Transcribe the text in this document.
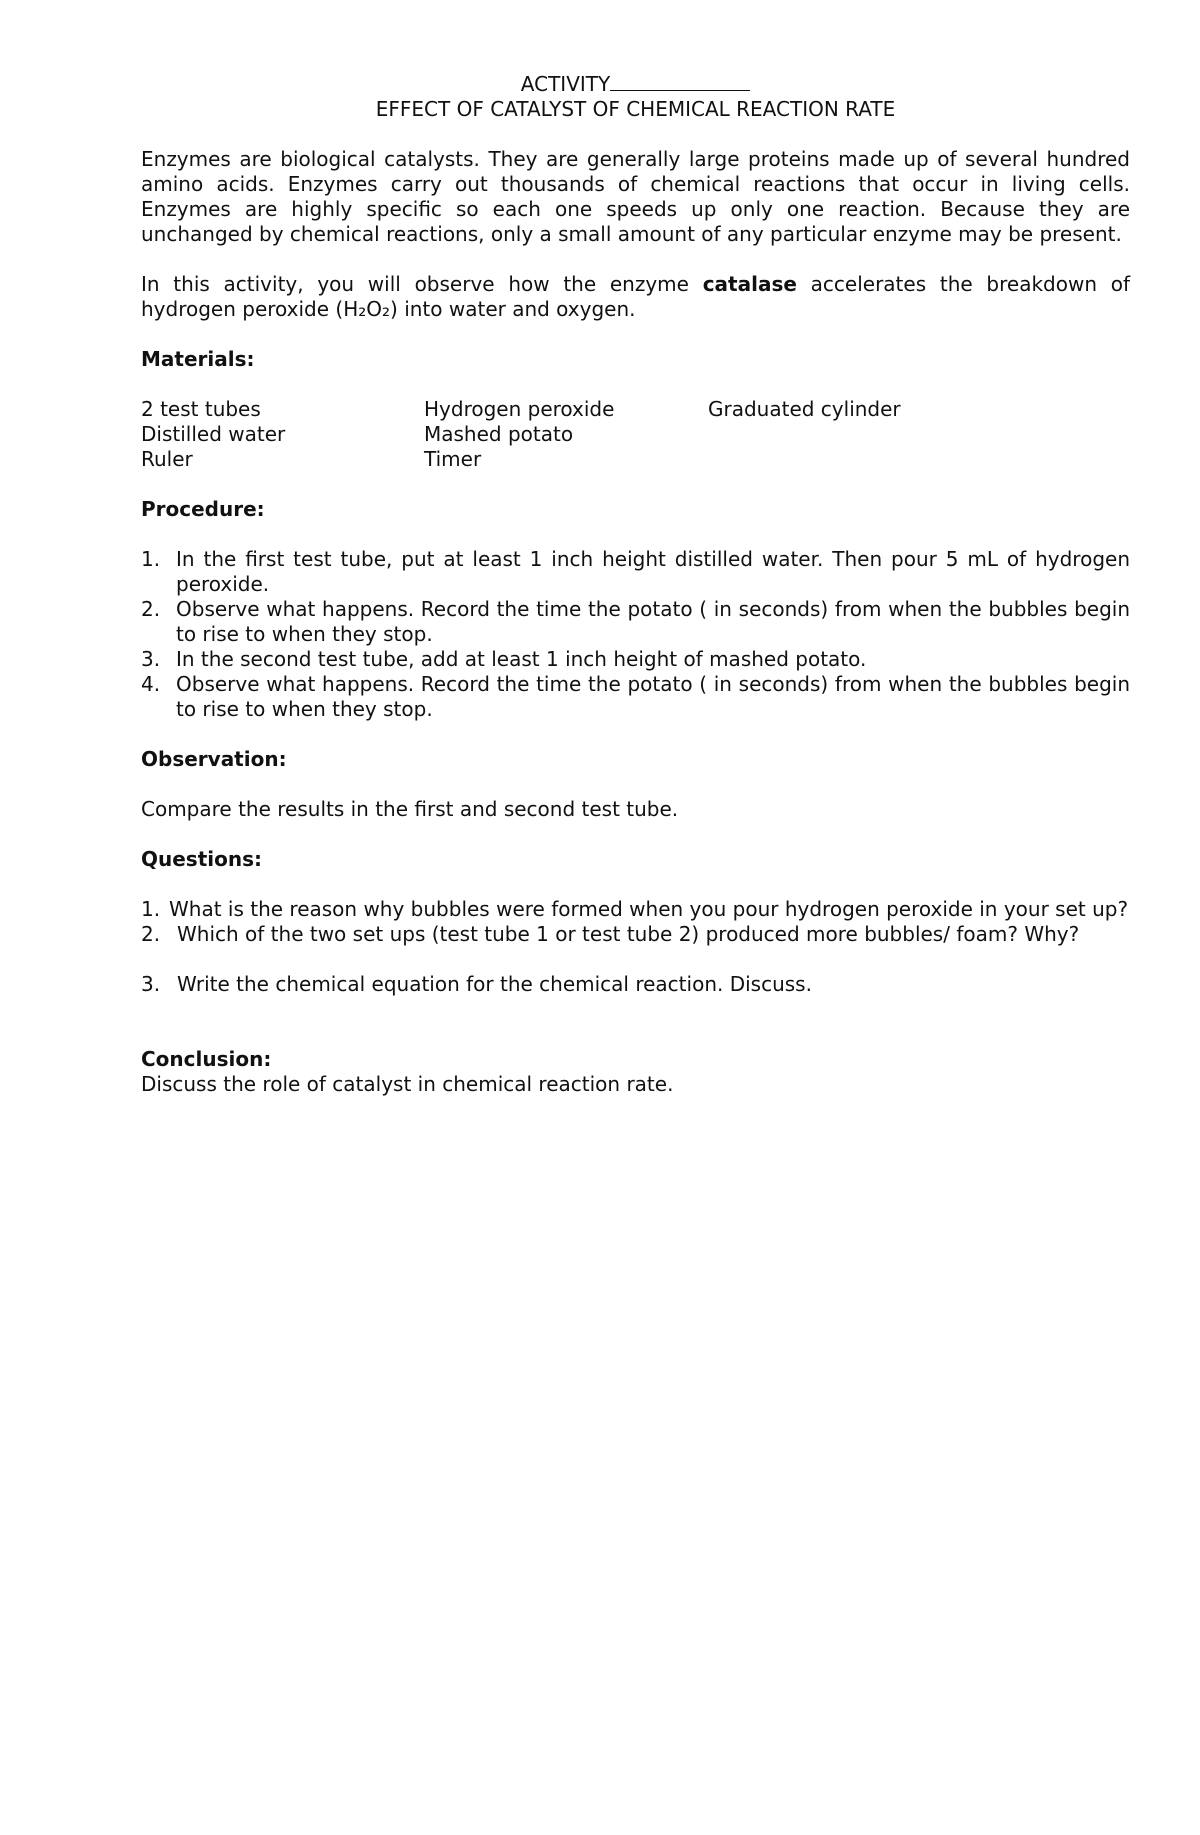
ACTIVITY
EFFECT OF CATALYST OF CHEMICAL REACTION RATE

Enzymes are biological catalysts. They are generally large proteins made up of several hundred amino acids. Enzymes carry out thousands of chemical reactions that occur in living cells. Enzymes are highly specific so each one speeds up only one reaction. Because they are unchanged by chemical reactions, only a small amount of any particular enzyme may be present.

In this activity, you will observe how the enzyme catalase accelerates the breakdown of hydrogen peroxide (H₂O₂) into water and oxygen.

Materials:

2 test tubes	Hydrogen peroxide	Graduated cylinder
Distilled water	Mashed potato
Ruler	Timer

Procedure:

1. In the first test tube, put at least 1 inch height distilled water. Then pour 5 mL of hydrogen peroxide.
2. Observe what happens. Record the time the potato ( in seconds) from when the bubbles begin to rise to when they stop.
3. In the second test tube, add at least 1 inch height of mashed potato.
4. Observe what happens. Record the time the potato ( in seconds) from when the bubbles begin to rise to when they stop.

Observation:

Compare the results in the first and second test tube.

Questions:

1. What is the reason why bubbles were formed when you pour hydrogen peroxide in your set up?
2. Which of the two set ups (test tube 1 or test tube 2) produced more bubbles/ foam? Why?
3. Write the chemical equation for the chemical reaction. Discuss.

Conclusion:

Discuss the role of catalyst in chemical reaction rate.
